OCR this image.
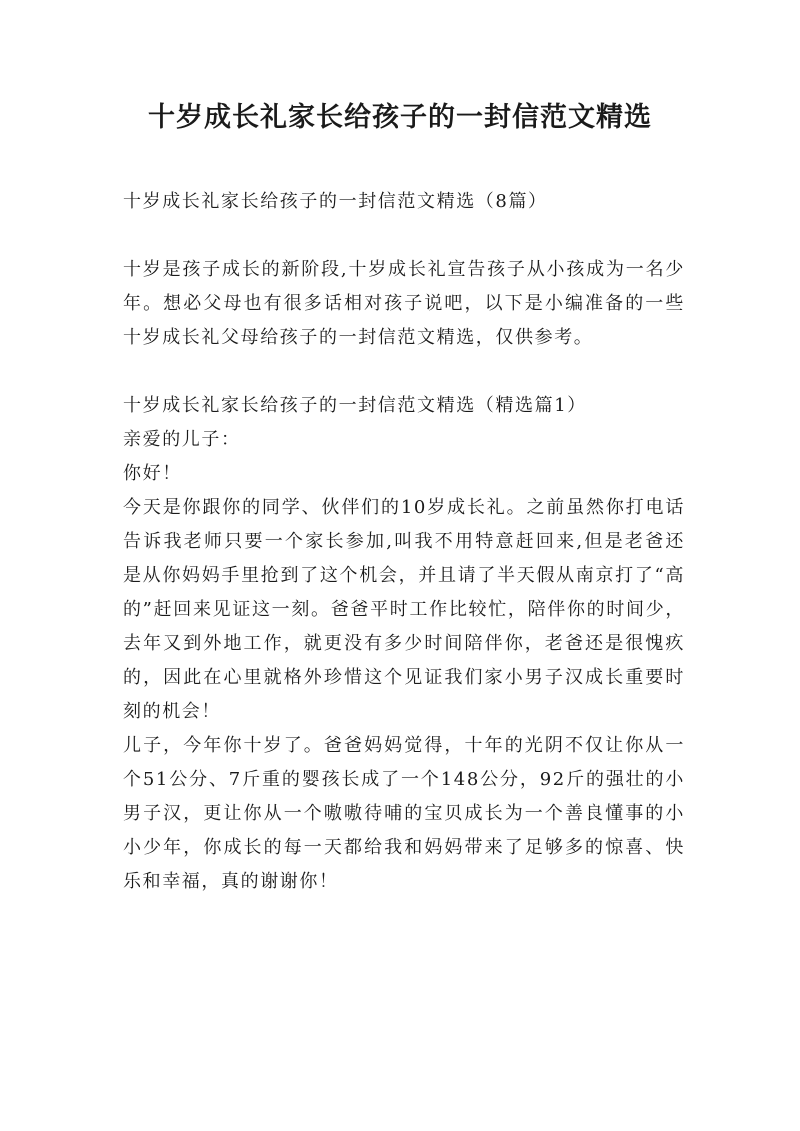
十岁成长礼家长给孩子的一封信范文精选

十岁成长礼家长给孩子的一封信范文精选（8篇）

十岁是孩子成长的新阶段,十岁成长礼宣告孩子从小孩成为一名少年。想必父母也有很多话相对孩子说吧，以下是小编准备的一些十岁成长礼父母给孩子的一封信范文精选，仅供参考。

十岁成长礼家长给孩子的一封信范文精选（精选篇1）

亲爱的儿子：

你好！

今天是你跟你的同学、伙伴们的10岁成长礼。之前虽然你打电话告诉我老师只要一个家长参加,叫我不用特意赶回来,但是老爸还是从你妈妈手里抢到了这个机会，并且请了半天假从南京打了“高的”赶回来见证这一刻。爸爸平时工作比较忙，陪伴你的时间少，去年又到外地工作，就更没有多少时间陪伴你，老爸还是很愧疚的，因此在心里就格外珍惜这个见证我们家小男子汉成长重要时刻的机会！

儿子，今年你十岁了。爸爸妈妈觉得，十年的光阴不仅让你从一个51公分、7斤重的婴孩长成了一个148公分，92斤的强壮的小男子汉，更让你从一个嗷嗷待哺的宝贝成长为一个善良懂事的小小少年，你成长的每一天都给我和妈妈带来了足够多的惊喜、快乐和幸福，真的谢谢你！
